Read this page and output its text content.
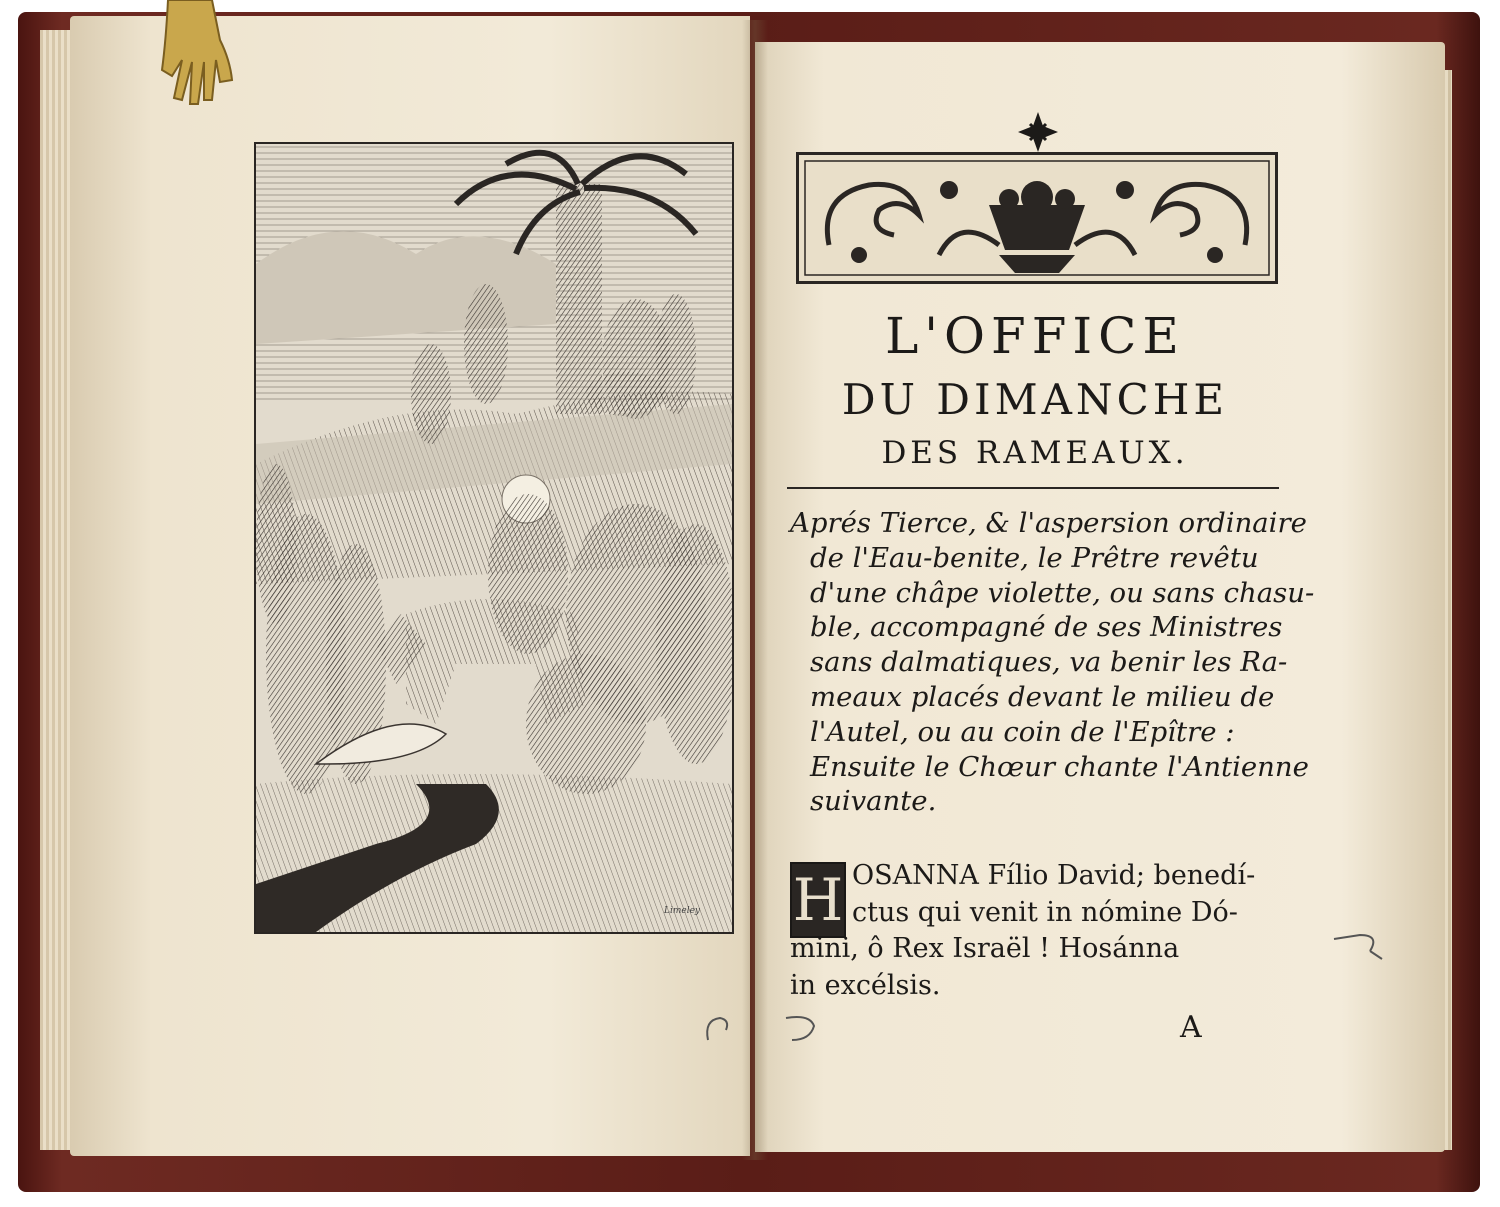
Limeley
L'OFFICE
DU DIMANCHE
DES RAMEAUX.
Aprés Tierce, & l'aspersion ordinaire
de l'Eau-benite, le Prêtre revêtu
d'une châpe violette, ou sans chasu-
ble, accompagné de ses Ministres
sans dalmatiques, va benir les Ra-
meaux placés devant le milieu de
l'Autel, ou au coin de l'Epître :
Ensuite le Chœur chante l'Antienne
suivante.
H OSANNA Fílio David; benedí-
ctus qui venit in nómine Dó-
mini, ô Rex Israël ! Hosánna
in excélsis.
A
